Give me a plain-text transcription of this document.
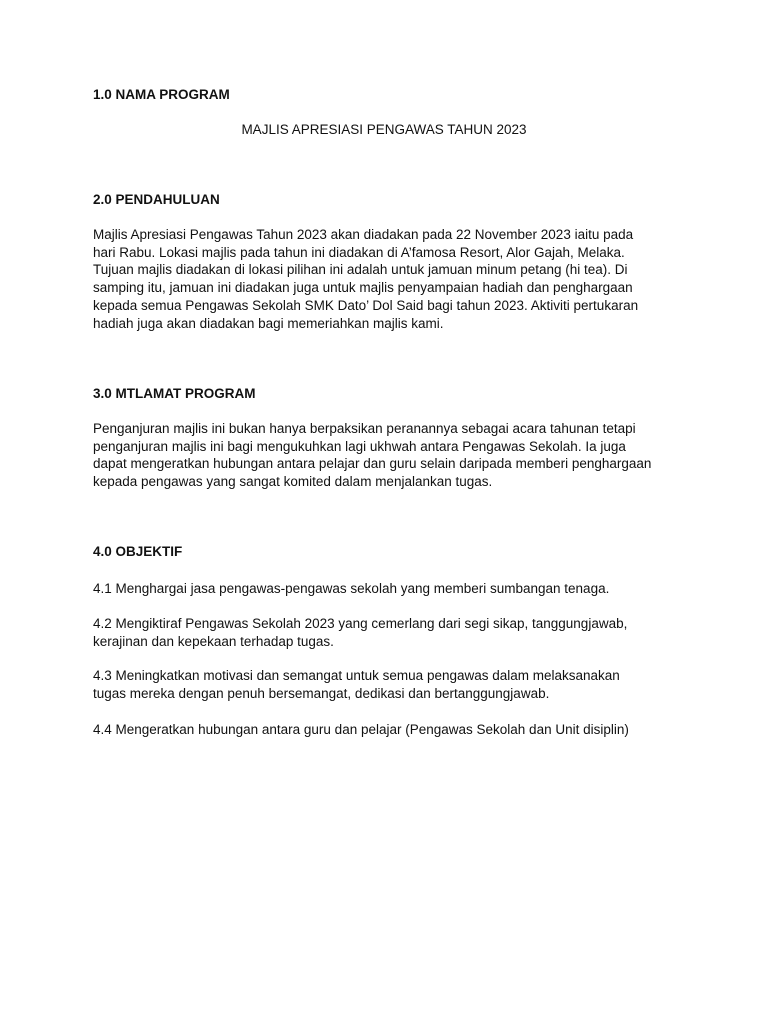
1.0 NAMA PROGRAM

MAJLIS APRESIASI PENGAWAS TAHUN 2023

2.0 PENDAHULUAN

Majlis Apresiasi Pengawas Tahun 2023 akan diadakan pada 22 November 2023 iaitu pada
hari Rabu. Lokasi majlis pada tahun ini diadakan di A’famosa Resort, Alor Gajah, Melaka.
Tujuan majlis diadakan di lokasi pilihan ini adalah untuk jamuan minum petang (hi tea). Di
samping itu, jamuan ini diadakan juga untuk majlis penyampaian hadiah dan penghargaan
kepada semua Pengawas Sekolah SMK Dato’ Dol Said bagi tahun 2023. Aktiviti pertukaran
hadiah juga akan diadakan bagi memeriahkan majlis kami.

3.0 MTLAMAT PROGRAM

Penganjuran majlis ini bukan hanya berpaksikan peranannya sebagai acara tahunan tetapi
penganjuran majlis ini bagi mengukuhkan lagi ukhwah antara Pengawas Sekolah. Ia juga
dapat mengeratkan hubungan antara pelajar dan guru selain daripada memberi penghargaan
kepada pengawas yang sangat komited dalam menjalankan tugas.

4.0 OBJEKTIF

4.1 Menghargai jasa pengawas-pengawas sekolah yang memberi sumbangan tenaga.

4.2 Mengiktiraf Pengawas Sekolah 2023 yang cemerlang dari segi sikap, tanggungjawab,
kerajinan dan kepekaan terhadap tugas.

4.3 Meningkatkan motivasi dan semangat untuk semua pengawas dalam melaksanakan
tugas mereka dengan penuh bersemangat, dedikasi dan bertanggungjawab.

4.4 Mengeratkan hubungan antara guru dan pelajar (Pengawas Sekolah dan Unit disiplin)
